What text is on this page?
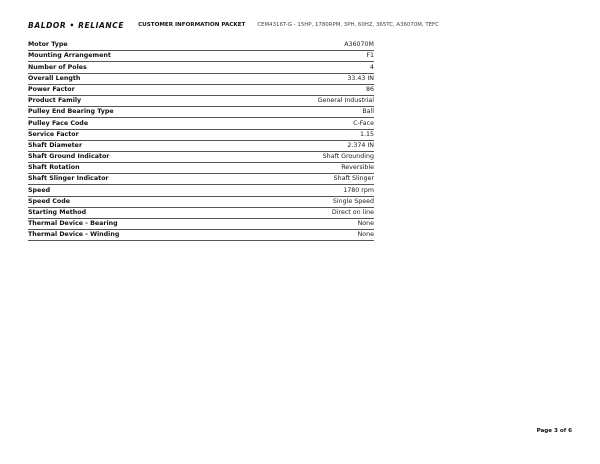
BALDOR • RELIANCE	CUSTOMER INFORMATION PACKET CEM4316T-G - 15HP, 1780RPM, 3PH, 60HZ, 365TC, A36070M, TEFC
Motor Type	A36070M
Mounting Arrangement	F1
Number of Poles	4
Overall Length	33.43 IN
Power Factor	86
Product Family	General Industrial
Pulley End Bearing Type	Ball
Pulley Face Code	C-Face
Service Factor	1.15
Shaft Diameter	2.374 IN
Shaft Ground Indicator	Shaft Grounding
Shaft Rotation	Reversible
Shaft Slinger Indicator	Shaft Slinger
Speed	1780 rpm
Speed Code	Single Speed
Starting Method	Direct on line
Thermal Device - Bearing	None
Thermal Device - Winding	None
Page 3 of 6
